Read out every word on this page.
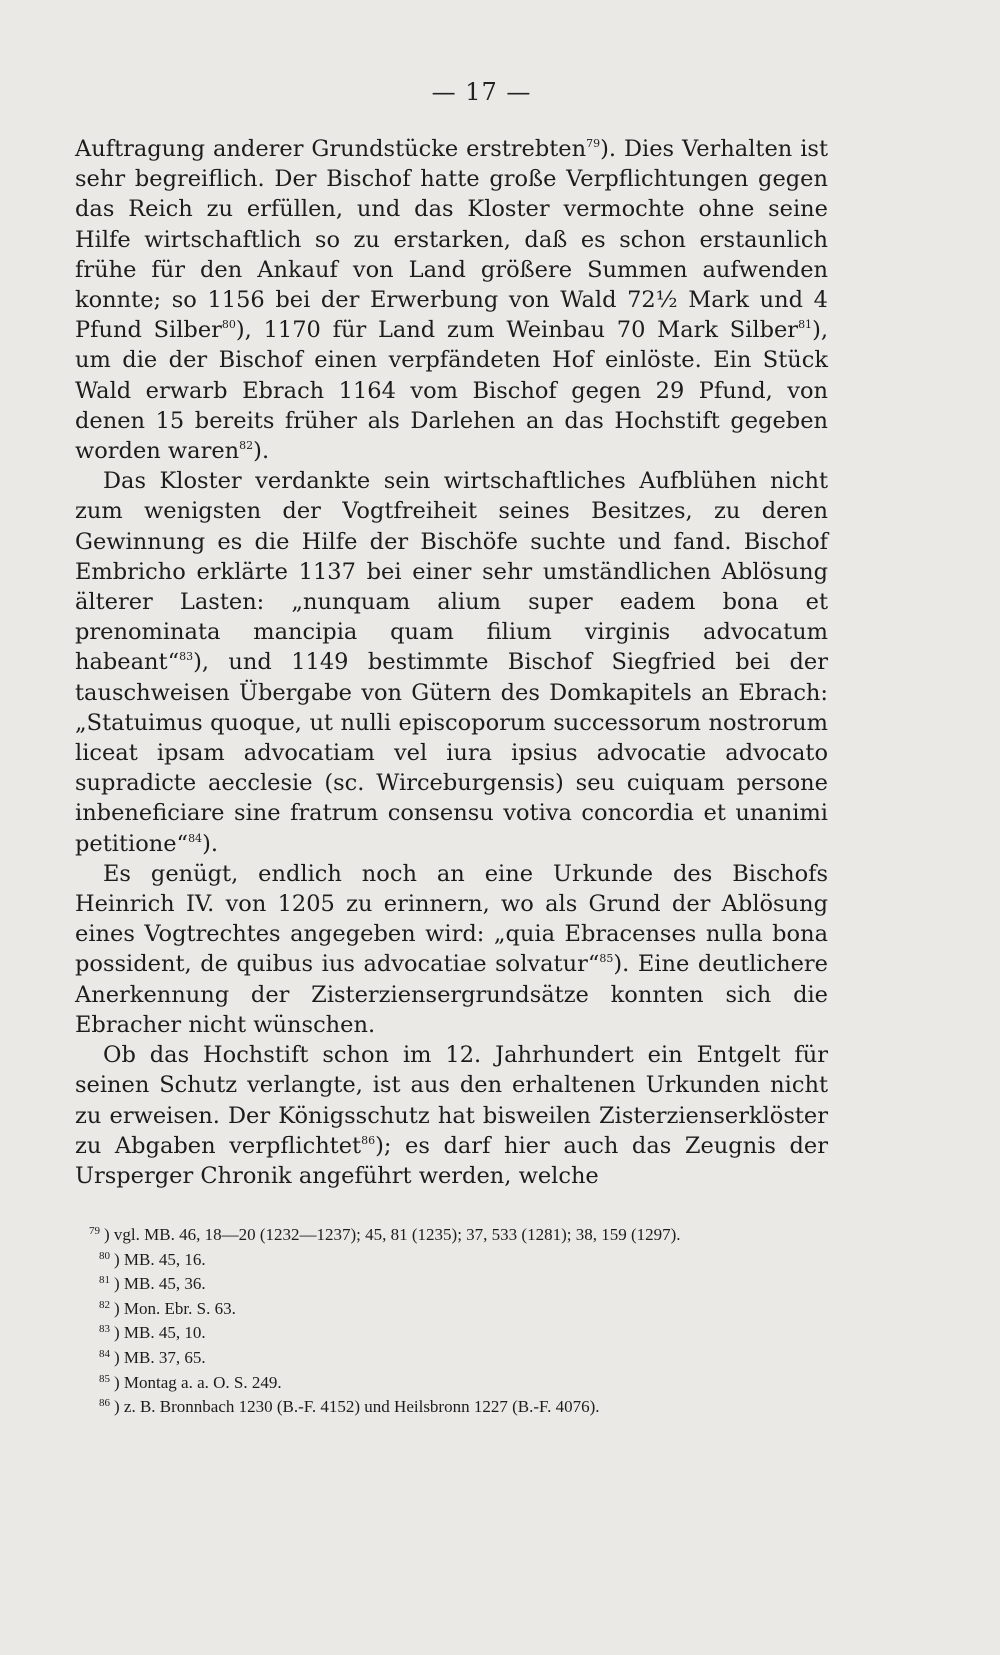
— 17 —

Auftragung anderer Grundstücke erstrebten$^{79}$). Dies Verhalten ist sehr begreiflich. Der Bischof hatte große Verpflichtungen gegen das Reich zu erfüllen, und das Kloster vermochte ohne seine Hilfe wirtschaftlich so zu erstarken, daß es schon erstaunlich frühe für den Ankauf von Land größere Summen aufwenden konnte; so 1156 bei der Erwerbung von Wald 72½ Mark und 4 Pfund Silber$^{80}$), 1170 für Land zum Weinbau 70 Mark Silber$^{81}$), um die der Bischof einen verpfändeten Hof einlöste. Ein Stück Wald erwarb Ebrach 1164 vom Bischof gegen 29 Pfund, von denen 15 bereits früher als Darlehen an das Hochstift gegeben worden waren$^{82}$).

Das Kloster verdankte sein wirtschaftliches Aufblühen nicht zum wenigsten der Vogtfreiheit seines Besitzes, zu deren Gewinnung es die Hilfe der Bischöfe suchte und fand. Bischof Embricho erklärte 1137 bei einer sehr umständlichen Ablösung älterer Lasten: „nunquam alium super eadem bona et prenominata mancipia quam filium virginis advocatum habeant“$^{83}$), und 1149 bestimmte Bischof Siegfried bei der tauschweisen Übergabe von Gütern des Domkapitels an Ebrach: „Statuimus quoque, ut nulli episcoporum successorum nostrorum liceat ipsam advocatiam vel iura ipsius advocatie advocato supradicte aecclesie (sc. Wirceburgensis) seu cuiquam persone inbeneficiare sine fratrum consensu votiva concordia et unanimi petitione“$^{84}$).

Es genügt, endlich noch an eine Urkunde des Bischofs Heinrich IV. von 1205 zu erinnern, wo als Grund der Ablösung eines Vogtrechtes angegeben wird: „quia Ebracenses nulla bona possident, de quibus ius advocatiae solvatur“$^{85}$). Eine deutlichere Anerkennung der Zisterziensergrundsätze konnten sich die Ebracher nicht wünschen.

Ob das Hochstift schon im 12. Jahrhundert ein Entgelt für seinen Schutz verlangte, ist aus den erhaltenen Urkunden nicht zu erweisen. Der Königsschutz hat bisweilen Zisterzienserklöster zu Abgaben verpflichtet$^{86}$); es darf hier auch das Zeugnis der Ursperger Chronik angeführt werden, welche

$^{79}$ ) vgl. MB. 46, 18—20 (1232—1237); 45, 81 (1235); 37, 533 (1281); 38, 159 (1297).
$^{80}$ ) MB. 45, 16.
$^{81}$ ) MB. 45, 36.
$^{82}$ ) Mon. Ebr. S. 63.
$^{83}$ ) MB. 45, 10.
$^{84}$ ) MB. 37, 65.
$^{85}$ ) Montag a. a. O. S. 249.
$^{86}$ ) z. B. Bronnbach 1230 (B.-F. 4152) und Heilsbronn 1227 (B.-F. 4076).
